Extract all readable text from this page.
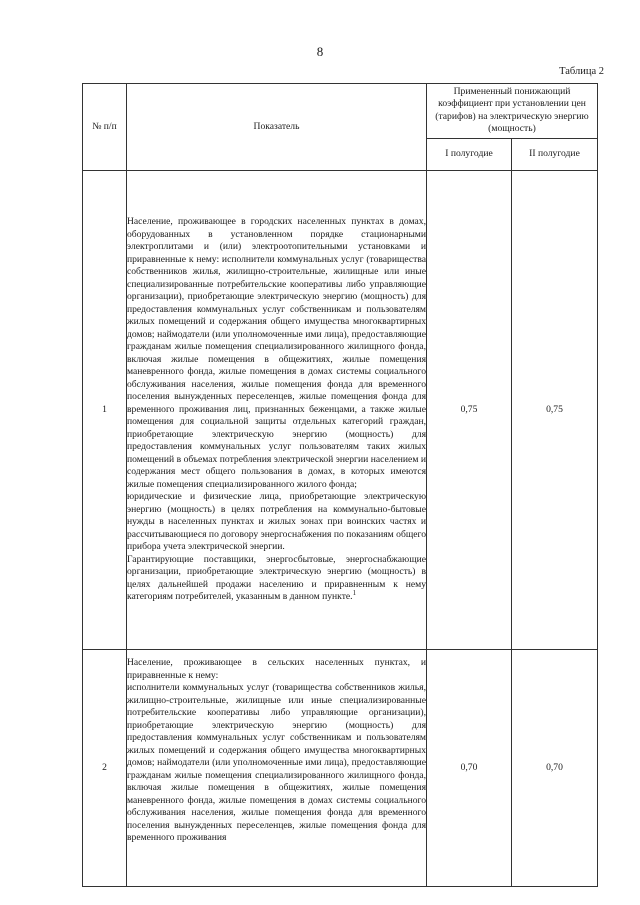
8
Таблица 2
№ п/п	Показатель	Примененный понижающий коэффициент при установлении цен (тарифов) на электрическую энергию (мощность)	
		I полугодие	II полугодие
1	Население, проживающее в городских населенных пунктах в домах, оборудованных в установленном порядке стационарными электроплитами и (или) электроотопительными установками и приравненные к нему: исполнители коммунальных услуг (товарищества собственников жилья, жилищно-строительные, жилищные или иные специализированные потребительские кооперативы либо управляющие организации), приобретающие электрическую энергию (мощность) для предоставления коммунальных услуг собственникам и пользователям жилых помещений и содержания общего имущества многоквартирных домов; наймодатели (или уполномоченные ими лица), предоставляющие гражданам жилые помещения специализированного жилищного фонда, включая жилые помещения в общежитиях, жилые помещения маневренного фонда, жилые помещения в домах системы социального обслуживания населения, жилые помещения фонда для временного поселения вынужденных переселенцев, жилые помещения фонда для временного проживания лиц, признанных беженцами, а также жилые помещения для социальной защиты отдельных категорий граждан, приобретающие электрическую энергию (мощность) для предоставления коммунальных услуг пользователям таких жилых помещений в объемах потребления электрической энергии населением и содержания мест общего пользования в домах, в которых имеются жилые помещения специализированного жилого фонда;

юридические и физические лица, приобретающие электрическую энергию (мощность) в целях потребления на коммунально-бытовые нужды в населенных пунктах и жилых зонах при воинских частях и рассчитывающиеся по договору энергоснабжения по показаниям общего прибора учета электрической энергии.

Гарантирующие поставщики, энергосбытовые, энергоснабжающие организации, приобретающие электрическую энергию (мощность) в целях дальнейшей продажи населению и приравненным к нему категориям потребителей, указанным в данном пункте.$^1$	0,75	0,75
2	Население, проживающее в сельских населенных пунктах, и приравненные к нему:

исполнители коммунальных услуг (товарищества собственников жилья, жилищно-строительные, жилищные или иные специализированные потребительские кооперативы либо управляющие организации), приобретающие электрическую энергию (мощность) для предоставления коммунальных услуг собственникам и пользователям жилых помещений и содержания общего имущества многоквартирных домов; наймодатели (или уполномоченные ими лица), предоставляющие гражданам жилые помещения специализированного жилищного фонда, включая жилые помещения в общежитиях, жилые помещения маневренного фонда, жилые помещения в домах системы социального обслуживания населения, жилые помещения фонда для временного поселения вынужденных переселенцев, жилые помещения фонда для временного проживания	0,70	0,70
